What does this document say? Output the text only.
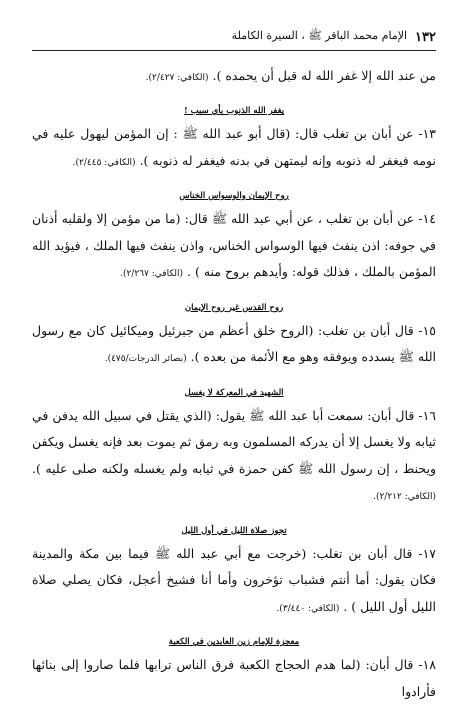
١٣٢
الإمام محمد الباقر ﷺ ، السيرة الكاملة

من عند الله إلا غفر الله له قبل أن يحمده ). (الكافي: ٢/٤٢٧).

يغفر الله الذنوب بأي سبب !

١٣- عن أبان بن تغلب قال: (قال أبو عبد الله ﷺ : إن المؤمن ليهول عليه في نومه فيغفر له ذنوبه وإنه ليمتهن في بدنه فيغفر له ذنوبه ). (الكافي: ٢/٤٤٥).

روح الإيمان والوسواس الخناس

١٤- عن أبان بن تغلب ، عن أبي عبد الله ﷺ قال: (ما من مؤمن إلا ولقلبه أذنان في جوفه: اذن ينفث فيها الوسواس الخناس، واذن ينفث فيها الملك ، فيؤيد الله المؤمن بالملك ، فذلك قوله: وأيدهم بروح منه ) . (الكافي: ٢/٢٦٧).

روح القدس غير روح الإيمان

١٥- قال أبان بن تغلب: (الروح خلق أعظم من جبرئيل وميكائيل كان مع رسول الله ﷺ يسدده ويوفقه وهو مع الأئمة من بعده ). (بصائر الدرجات/٤٧٥).

الشهيد في المعركة لا يغسل

١٦- قال أبان: سمعت أبا عبد الله ﷺ يقول: (الذي يقتل في سبيل الله يدفن في ثيابه ولا يغسل إلا أن يدركه المسلمون وبه رمق ثم يموت بعد فإنه يغسل ويكفن ويحنط ، إن رسول الله ﷺ كفن حمزة في ثيابه ولم يغسله ولكنه صلى عليه ). (الكافي: ٢/٢١٢).

تجوز صلاة الليل في أول الليل

١٧- قال أبان بن تغلب: (خرجت مع أبي عبد الله ﷺ فيما بين مكة والمدينة فكان يقول: أما أنتم فشباب تؤخرون وأما أنا فشيخ أعجل، فكان يصلي صلاة الليل أول الليل ) . (الكافي: ٣/٤٤٠).

معجزة للإمام زين العابدين في الكعبة

١٨- قال أبان: (لما هدم الحجاج الكعبة فرق الناس ترابها فلما صاروا إلى بنائها فأرادوا
